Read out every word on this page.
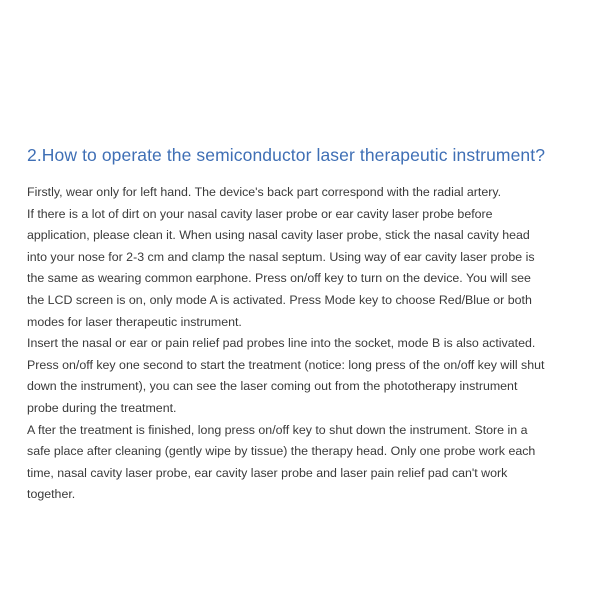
2.How to operate the semiconductor laser therapeutic instrument?

Firstly, wear only for left hand. The device's back part correspond with the radial artery.

If there is a lot of dirt on your nasal cavity laser probe or ear cavity laser probe before application, please clean it. When using nasal cavity laser probe, stick the nasal cavity head into your nose for 2-3 cm and clamp the nasal septum. Using way of ear cavity laser probe is the same as wearing common earphone. Press on/off key to turn on the device. You will see the LCD screen is on, only mode A is activated. Press Mode key to choose Red/Blue or both modes for laser therapeutic instrument.

Insert the nasal or ear or pain relief pad probes line into the socket, mode B is also activated. Press on/off key one second to start the treatment (notice: long press of the on/off key will shut down the instrument), you can see the laser coming out from the phototherapy instrument probe during the treatment.

A fter the treatment is finished, long press on/off key to shut down the instrument. Store in a safe place after cleaning (gently wipe by tissue) the therapy head. Only one probe work each time, nasal cavity laser probe, ear cavity laser probe and laser pain relief pad can't work together.
